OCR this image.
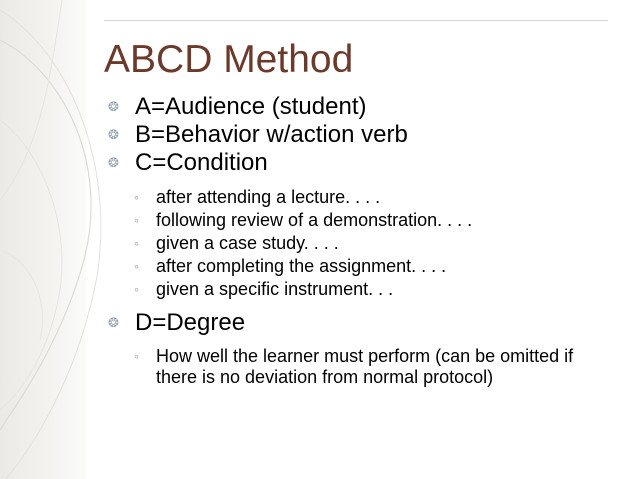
ABCD Method
❂ A=Audience (student)
❂ B=Behavior w/action verb
❂ C=Condition
◦ after attending a lecture. . . .
◦ following review of a demonstration. . . .
◦ given a case study. . . .
◦ after completing the assignment. . . .
◦ given a specific instrument. . .
❂ D=Degree
◦ How well the learner must perform (can be omitted if there is no deviation from normal protocol)
